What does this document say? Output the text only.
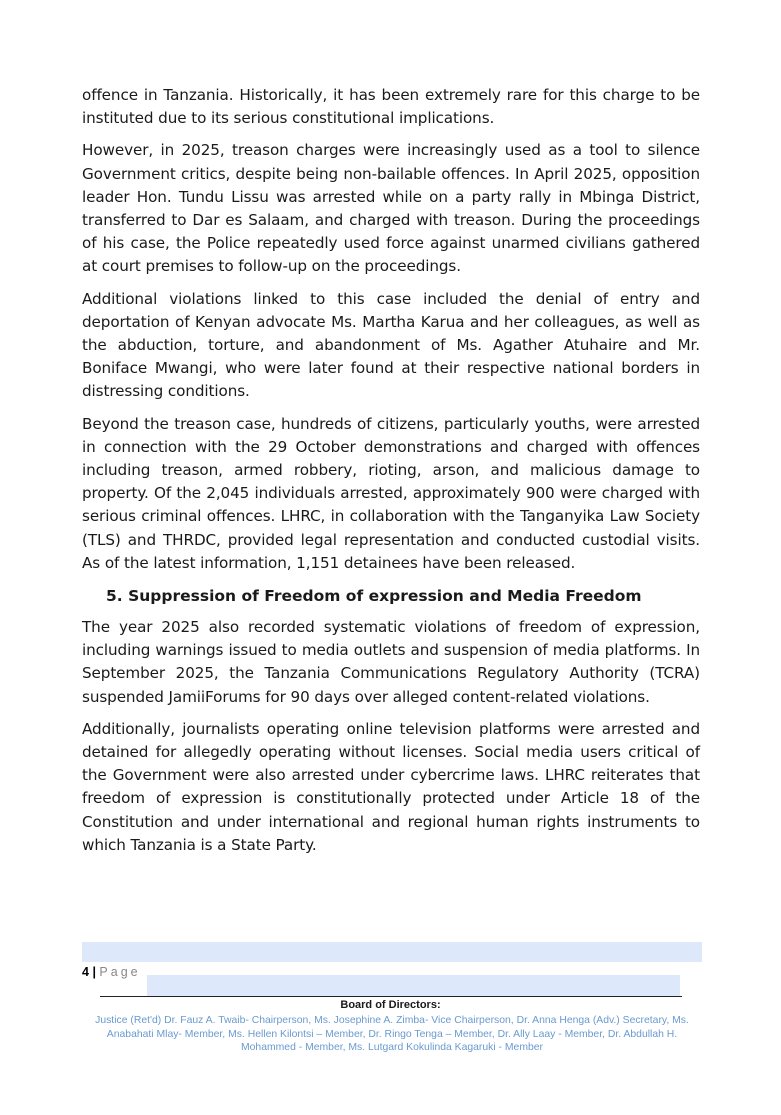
offence in Tanzania. Historically, it has been extremely rare for this charge to be instituted due to its serious constitutional implications.

However, in 2025, treason charges were increasingly used as a tool to silence Government critics, despite being non-bailable offences. In April 2025, opposition leader Hon. Tundu Lissu was arrested while on a party rally in Mbinga District, transferred to Dar es Salaam, and charged with treason. During the proceedings of his case, the Police repeatedly used force against unarmed civilians gathered at court premises to follow-up on the proceedings.

Additional violations linked to this case included the denial of entry and deportation of Kenyan advocate Ms. Martha Karua and her colleagues, as well as the abduction, torture, and abandonment of Ms. Agather Atuhaire and Mr. Boniface Mwangi, who were later found at their respective national borders in distressing conditions.

Beyond the treason case, hundreds of citizens, particularly youths, were arrested in connection with the 29 October demonstrations and charged with offences including treason, armed robbery, rioting, arson, and malicious damage to property. Of the 2,045 individuals arrested, approximately 900 were charged with serious criminal offences. LHRC, in collaboration with the Tanganyika Law Society (TLS) and THRDC, provided legal representation and conducted custodial visits. As of the latest information, 1,151 detainees have been released.

5. Suppression of Freedom of expression and Media Freedom

The year 2025 also recorded systematic violations of freedom of expression, including warnings issued to media outlets and suspension of media platforms. In September 2025, the Tanzania Communications Regulatory Authority (TCRA) suspended JamiiForums for 90 days over alleged content-related violations.

Additionally, journalists operating online television platforms were arrested and detained for allegedly operating without licenses. Social media users critical of the Government were also arrested under cybercrime laws. LHRC reiterates that freedom of expression is constitutionally protected under Article 18 of the Constitution and under international and regional human rights instruments to which Tanzania is a State Party.

4 | Page
Board of Directors:
Justice (Ret'd) Dr. Fauz A. Twaib- Chairperson, Ms. Josephine A. Zimba- Vice Chairperson, Dr. Anna Henga (Adv.) Secretary, Ms. Anabahati Mlay- Member, Ms. Hellen Kilontsi – Member, Dr. Ringo Tenga – Member, Dr. Ally Laay - Member, Dr. Abdullah H. Mohammed - Member, Ms. Lutgard Kokulinda Kagaruki - Member
